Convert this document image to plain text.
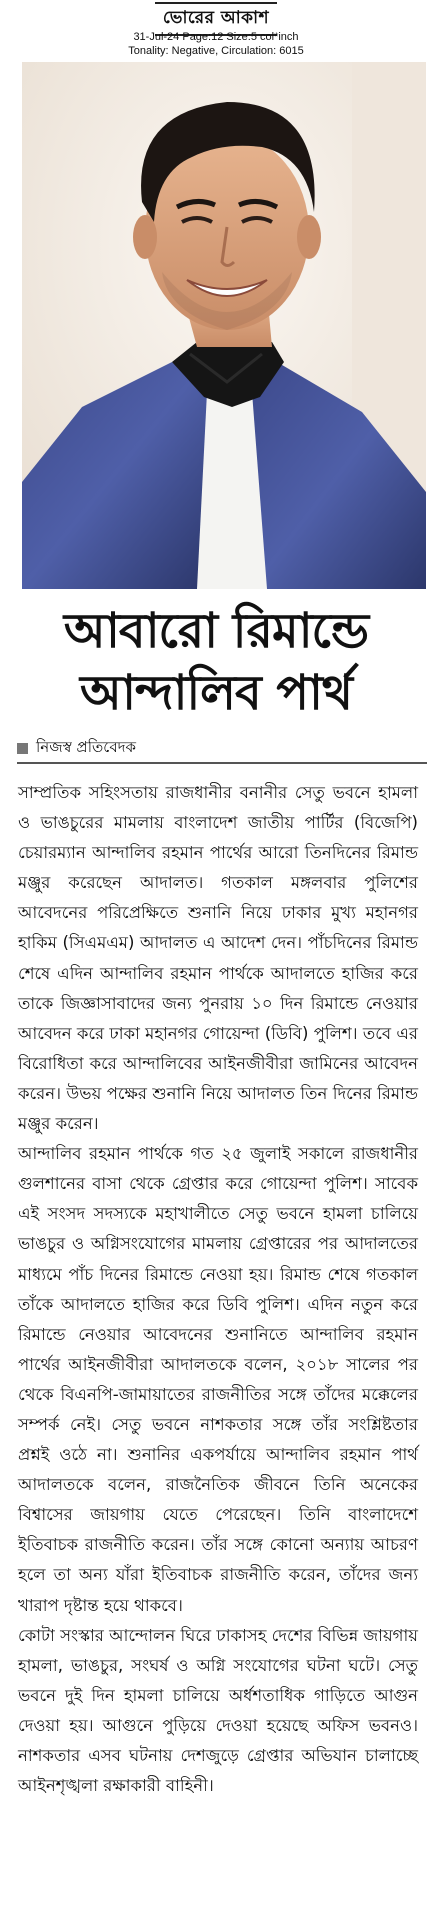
ভোরের আকাশ
31-Jul-24 Page:12 Size:5 col*inch
Tonality: Negative, Circulation: 6015
আবারো রিমান্ডে
আন্দালিব পার্থ
নিজস্ব প্রতিবেদক

সাম্প্রতিক সহিংসতায় রাজধানীর বনানীর সেতু ভবনে হামলা ও ভাঙচুরের মামলায় বাংলাদেশ জাতীয় পার্টির (বিজেপি) চেয়ারম্যান আন্দালিব রহমান পার্থের আরো তিনদিনের রিমান্ড মঞ্জুর করেছেন আদালত। গতকাল মঙ্গলবার পুলিশের আবেদনের পরিপ্রেক্ষিতে শুনানি নিয়ে ঢাকার মুখ্য মহানগর হাকিম (সিএমএম) আদালত এ আদেশ দেন। পাঁচদিনের রিমান্ড শেষে এদিন আন্দালিব রহমান পার্থকে আদালতে হাজির করে তাকে জিজ্ঞাসাবাদের জন্য পুনরায় ১০ দিন রিমান্ডে নেওয়ার আবেদন করে ঢাকা মহানগর গোয়েন্দা (ডিবি) পুলিশ। তবে এর বিরোধিতা করে আন্দালিবের আইনজীবীরা জামিনের আবেদন করেন। উভয় পক্ষের শুনানি নিয়ে আদালত তিন দিনের রিমান্ড মঞ্জুর করেন।

আন্দালিব রহমান পার্থকে গত ২৫ জুলাই সকালে রাজধানীর গুলশানের বাসা থেকে গ্রেপ্তার করে গোয়েন্দা পুলিশ। সাবেক এই সংসদ সদস্যকে মহাখালীতে সেতু ভবনে হামলা চালিয়ে ভাঙচুর ও অগ্নিসংযোগের মামলায় গ্রেপ্তারের পর আদালতের মাধ্যমে পাঁচ দিনের রিমান্ডে নেওয়া হয়। রিমান্ড শেষে গতকাল তাঁকে আদালতে হাজির করে ডিবি পুলিশ। এদিন নতুন করে রিমান্ডে নেওয়ার আবেদনের শুনানিতে আন্দালিব রহমান পার্থের আইনজীবীরা আদালতকে বলেন, ২০১৮ সালের পর থেকে বিএনপি-জামায়াতের রাজনীতির সঙ্গে তাঁদের মক্কেলের সম্পর্ক নেই। সেতু ভবনে নাশকতার সঙ্গে তাঁর সংশ্লিষ্টতার প্রশ্নই ওঠে না। শুনানির একপর্যায়ে আন্দালিব রহমান পার্থ আদালতকে বলেন, রাজনৈতিক জীবনে তিনি অনেকের বিশ্বাসের জায়গায় যেতে পেরেছেন। তিনি বাংলাদেশে ইতিবাচক রাজনীতি করেন। তাঁর সঙ্গে কোনো অন্যায় আচরণ হলে তা অন্য যাঁরা ইতিবাচক রাজনীতি করেন, তাঁদের জন্য খারাপ দৃষ্টান্ত হয়ে থাকবে।

কোটা সংস্কার আন্দোলন ঘিরে ঢাকাসহ দেশের বিভিন্ন জায়গায় হামলা, ভাঙচুর, সংঘর্ষ ও অগ্নি সংযোগের ঘটনা ঘটে। সেতু ভবনে দুই দিন হামলা চালিয়ে অর্ধশতাধিক গাড়িতে আগুন দেওয়া হয়। আগুনে পুড়িয়ে দেওয়া হয়েছে অফিস ভবনও। নাশকতার এসব ঘটনায় দেশজুড়ে গ্রেপ্তার অভিযান চালাচ্ছে আইনশৃঙ্খলা রক্ষাকারী বাহিনী।
